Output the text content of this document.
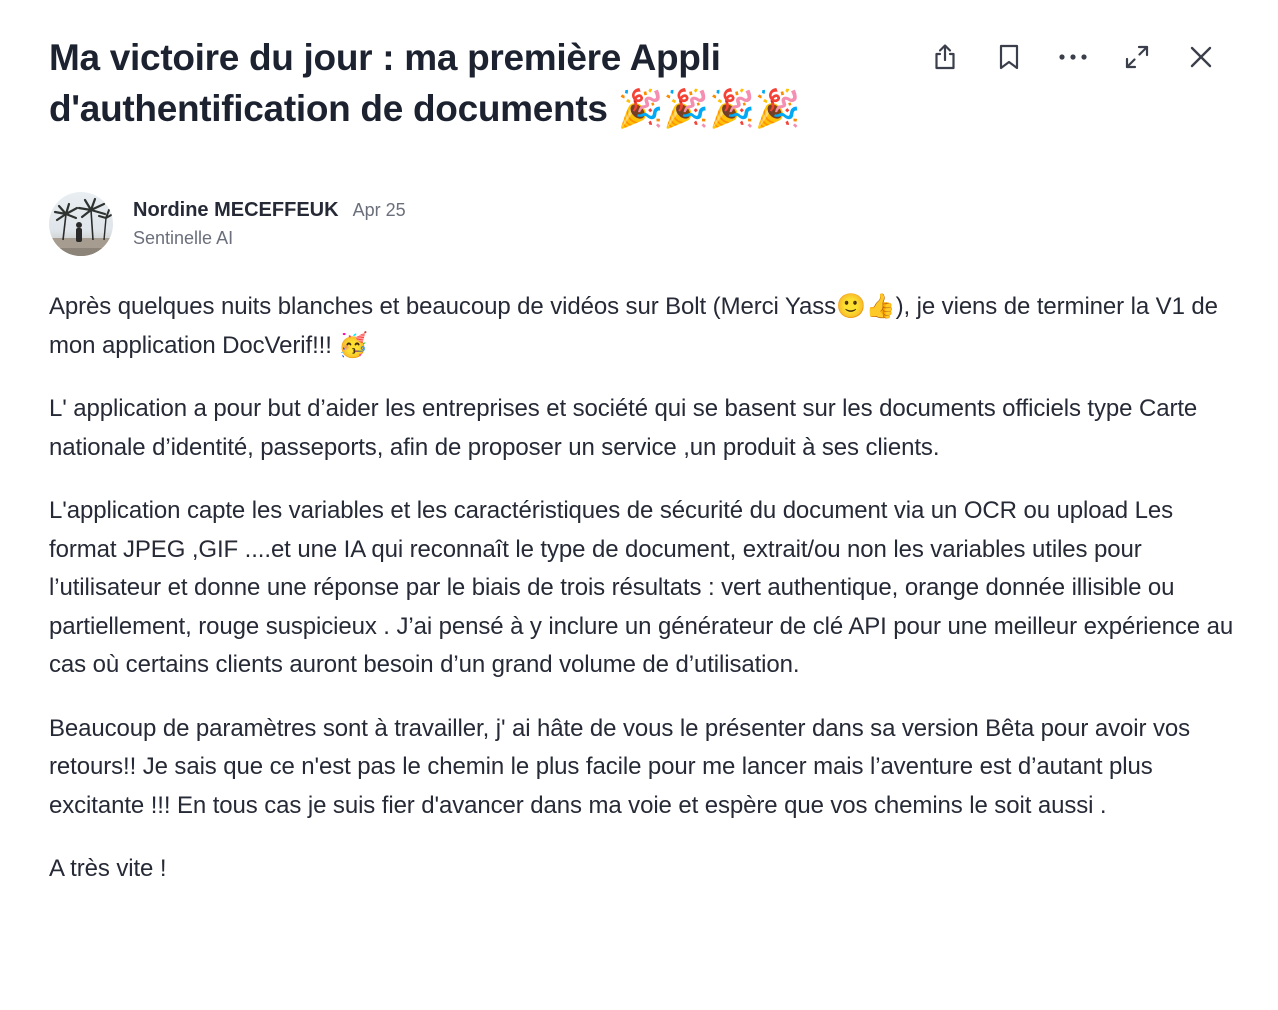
Ma victoire du jour : ma première Appli d'authentification de documents 🎉🎉🎉🎉
Nordine MECEFFEUK Apr 25
Sentinelle AI

Après quelques nuits blanches et beaucoup de vidéos sur Bolt (Merci Yass🙂👍), je viens de terminer la V1 de mon application DocVerif!!! 🥳

L' application a pour but d’aider les entreprises et société qui se basent sur les documents officiels type Carte nationale d’identité, passeports, afin de proposer un service ,un produit à ses clients.

L'application capte les variables et les caractéristiques de sécurité du document via un OCR ou upload Les format JPEG ,GIF ....et une IA qui reconnaît le type de document, extrait/ou non les variables utiles pour l’utilisateur et donne une réponse par le biais de trois résultats : vert authentique, orange donnée illisible ou partiellement, rouge suspicieux . J’ai pensé à y inclure un générateur de clé API pour une meilleur expérience au cas où certains clients auront besoin d’un grand volume de d’utilisation.

Beaucoup de paramètres sont à travailler, j' ai hâte de vous le présenter dans sa version Bêta pour avoir vos retours!! Je sais que ce n'est pas le chemin le plus facile pour me lancer mais l’aventure est d’autant plus excitante !!! En tous cas je suis fier d'avancer dans ma voie et espère que vos chemins le soit aussi .

A très vite !
